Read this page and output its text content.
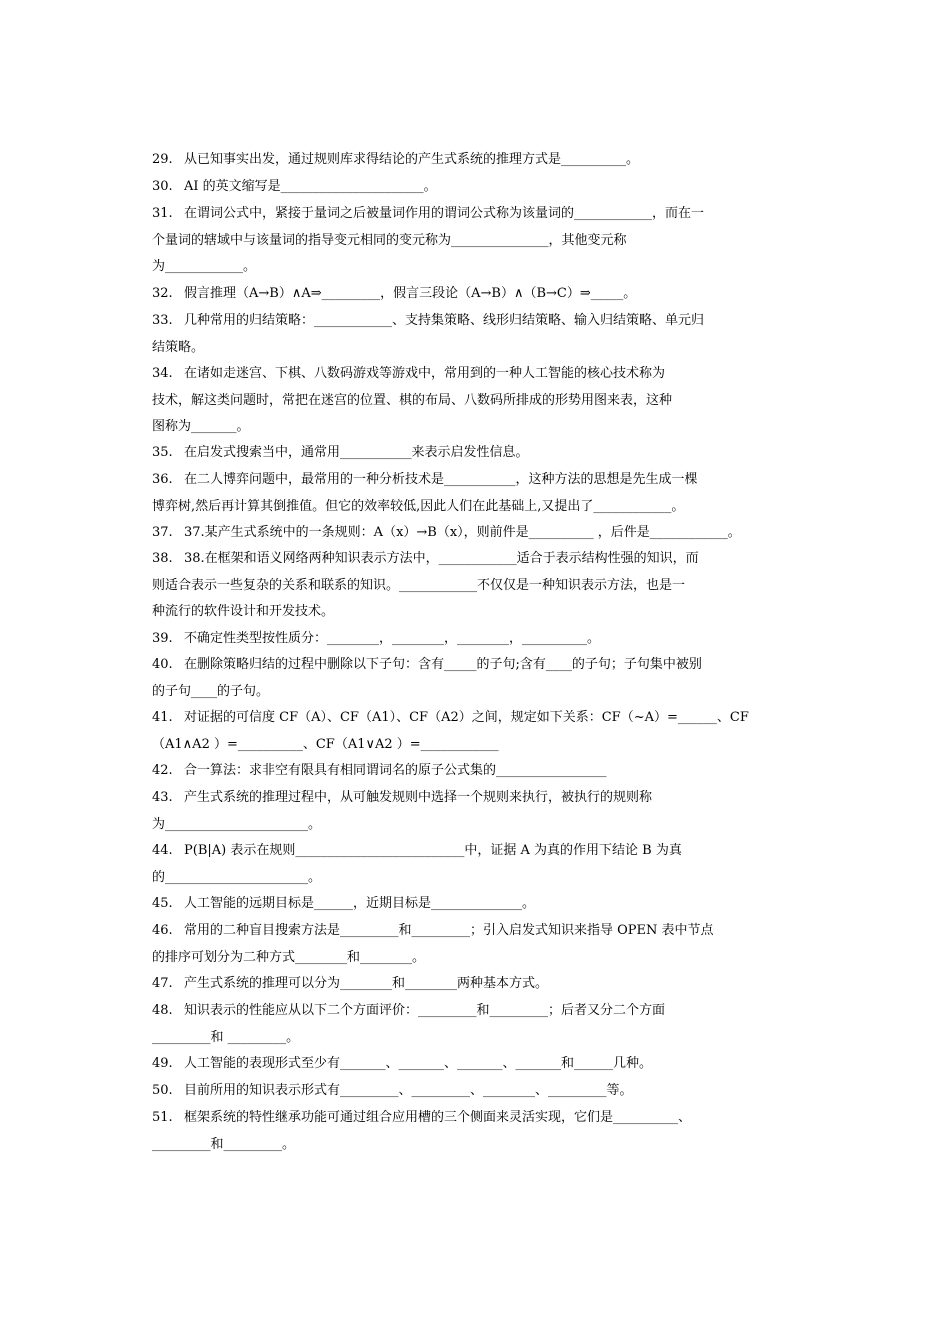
29. 从已知事实出发，通过规则库求得结论的产生式系统的推理方式是__________。
30. AI 的英文缩写是______________________。
31. 在谓词公式中，紧接于量词之后被量词作用的谓词公式称为该量词的____________，而在一
个量词的辖域中与该量词的指导变元相同的变元称为_______________，其他变元称
为____________。
32. 假言推理（A→B）∧A⇒_________，假言三段论（A→B）∧（B→C）⇒_____。
33. 几种常用的归结策略：____________、支持集策略、线形归结策略、输入归结策略、单元归
结策略。
34. 在诸如走迷宫、下棋、八数码游戏等游戏中，常用到的一种人工智能的核心技术称为
技术，解这类问题时，常把在迷宫的位置、棋的布局、八数码所排成的形势用图来表，这种
图称为_______。
35. 在启发式搜索当中，通常用___________来表示启发性信息。
36. 在二人博弈问题中，最常用的一种分析技术是___________，这种方法的思想是先生成一棵
博弈树,然后再计算其倒推值。但它的效率较低,因此人们在此基础上,又提出了____________。
37. 37.某产生式系统中的一条规则：A（x）→B（x），则前件是__________ ，后件是____________。
38. 38.在框架和语义网络两种知识表示方法中，____________适合于表示结构性强的知识，而
则适合表示一些复杂的关系和联系的知识。____________不仅仅是一种知识表示方法，也是一
种流行的软件设计和开发技术。
39. 不确定性类型按性质分：________，________，________，__________。
40. 在删除策略归结的过程中删除以下子句：含有_____的子句;含有____的子句；子句集中被别
的子句____的子句。
41. 对证据的可信度 CF（A）、CF（A1）、CF（A2）之间，规定如下关系：CF（~A）=______、CF
（A1∧A2 ）=__________、CF（A1∨A2 ）=____________
42. 合一算法：求非空有限具有相同谓词名的原子公式集的_________________
43. 产生式系统的推理过程中，从可触发规则中选择一个规则来执行，被执行的规则称
为______________________。
44. P(B|A) 表示在规则__________________________中，证据 A 为真的作用下结论 B 为真
的______________________。
45. 人工智能的远期目标是______，近期目标是______________。
46. 常用的二种盲目搜索方法是_________和_________；引入启发式知识来指导 OPEN 表中节点
的排序可划分为二种方式________和________。
47. 产生式系统的推理可以分为________和________两种基本方式。
48. 知识表示的性能应从以下二个方面评价：_________和_________；后者又分二个方面
_________和 _________。
49. 人工智能的表现形式至少有_______、_______、_______、_______和______几种。
50. 目前所用的知识表示形式有_________、_________、________、_________等。
51. 框架系统的特性继承功能可通过组合应用槽的三个侧面来灵活实现，它们是__________、
_________和_________。
